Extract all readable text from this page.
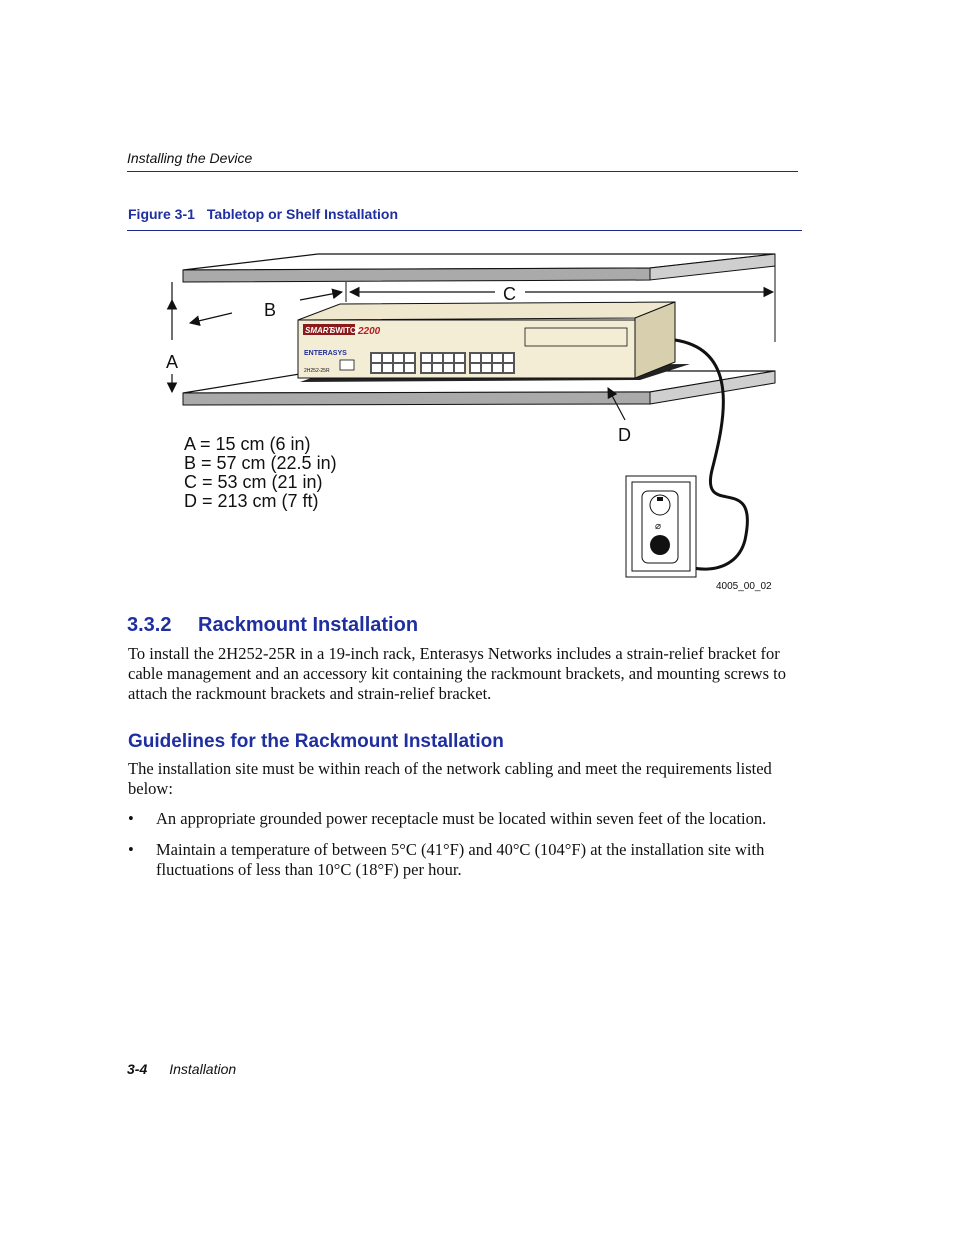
Installing the Device
Figure 3-1 Tabletop or Shelf Installation
SMART
SWITCH
2200
ENTERASYS
2H252-25R
⌀
A
B
C
D
A = 15 cm (6 in)
B = 57 cm (22.5 in)
C = 53 cm (21 in)
D = 213 cm (7 ft)
4005_00_02
3.3.2 Rackmount Installation
To install the 2H252-25R in a 19-inch rack, Enterasys Networks includes a strain-relief bracket for cable management and an accessory kit containing the rackmount brackets, and mounting screws to attach the rackmount brackets and strain-relief bracket.
Guidelines for the Rackmount Installation
The installation site must be within reach of the network cabling and meet the requirements listed below:
• An appropriate grounded power receptacle must be located within seven feet of the location.
• Maintain a temperature of between 5°C (41°F) and 40°C (104°F) at the installation site with fluctuations of less than 10°C (18°F) per hour.
3-4 Installation
